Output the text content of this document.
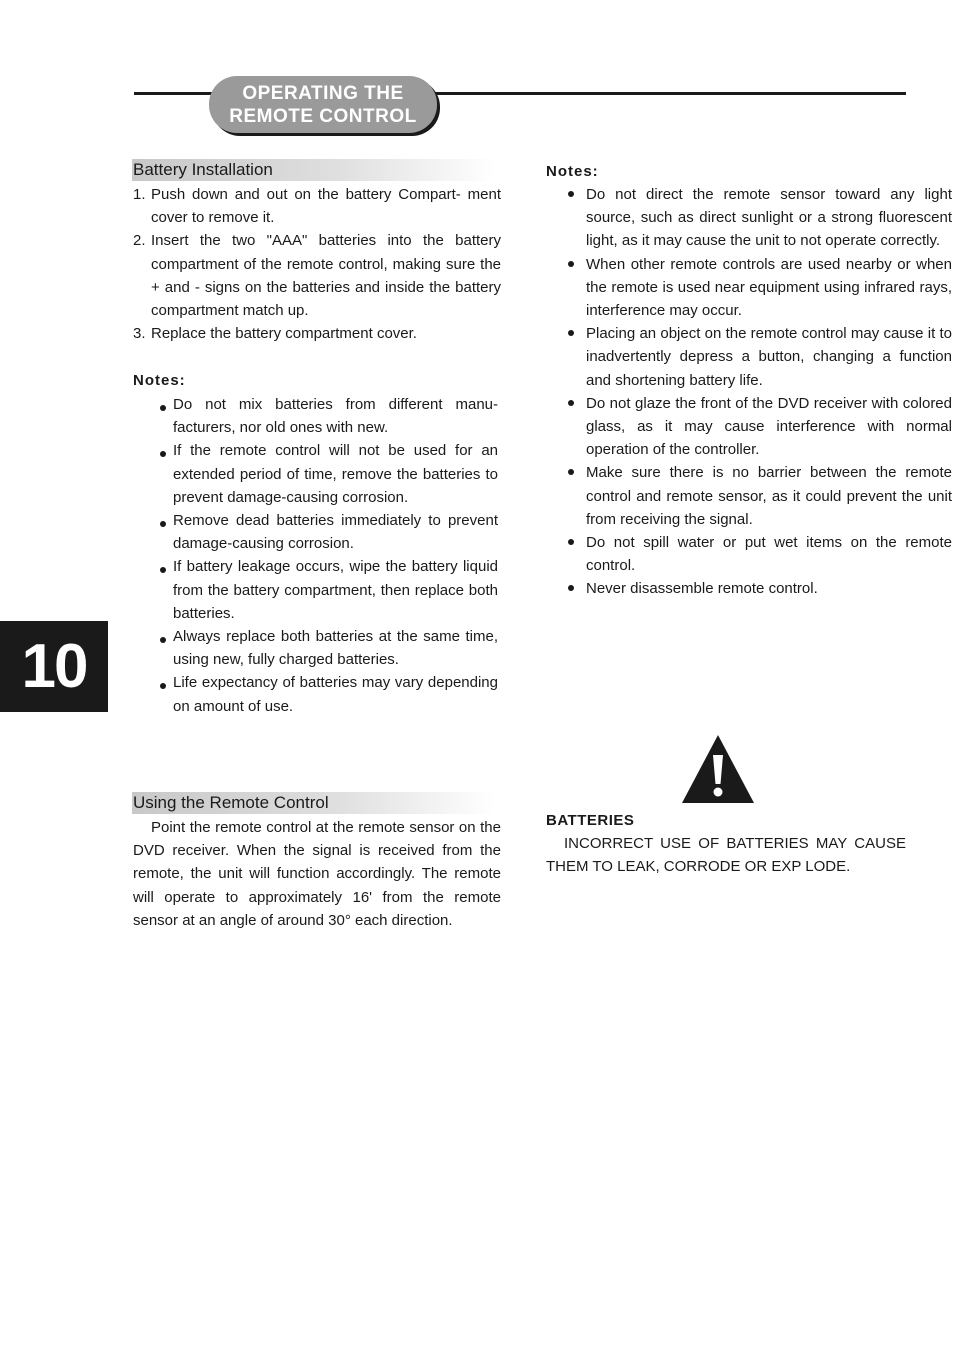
OPERATING THE
REMOTE CONTROL
Battery Installation
1. Push down and out on the battery Compart- ment cover to remove it.
2. Insert the two "AAA" batteries into the battery compartment of the remote control, making sure the + and - signs on the batteries and inside the battery compartment match up.
3. Replace the battery compartment cover.
Notes:
Do not mix batteries from different manu- facturers, nor old ones with new.
If the remote control will not be used for an extended period of time, remove the batteries to prevent damage-causing corrosion.
Remove dead batteries immediately to prevent damage-causing corrosion.
If battery leakage occurs, wipe the battery liquid from the battery compartment, then replace both batteries.
Always replace both batteries at the same time, using new, fully charged batteries.
Life expectancy of batteries may vary depending on amount of use.
Using the Remote Control
Point the remote control at the remote sensor on the DVD receiver. When the signal is received from the remote, the unit will function accordingly. The remote will operate to approximately 16' from the remote sensor at an angle of around 30° each direction.
Notes:
Do not direct the remote sensor toward any light source, such as direct sunlight or a strong fluorescent light, as it may cause the unit to not operate correctly.
When other remote controls are used nearby or when the remote is used near equipment using infrared rays, interference may occur.
Placing an object on the remote control may cause it to inadvertently depress a button, changing a function and shortening battery life.
Do not glaze the front of the DVD receiver with colored glass, as it may cause interference with normal operation of the controller.
Make sure there is no barrier between the remote control and remote sensor, as it could prevent the unit from receiving the signal.
Do not spill water or put wet items on the remote control.
Never disassemble remote control.
BATTERIES
INCORRECT USE OF BATTERIES MAY CAUSE THEM TO LEAK, CORRODE OR EXP LODE.
10
